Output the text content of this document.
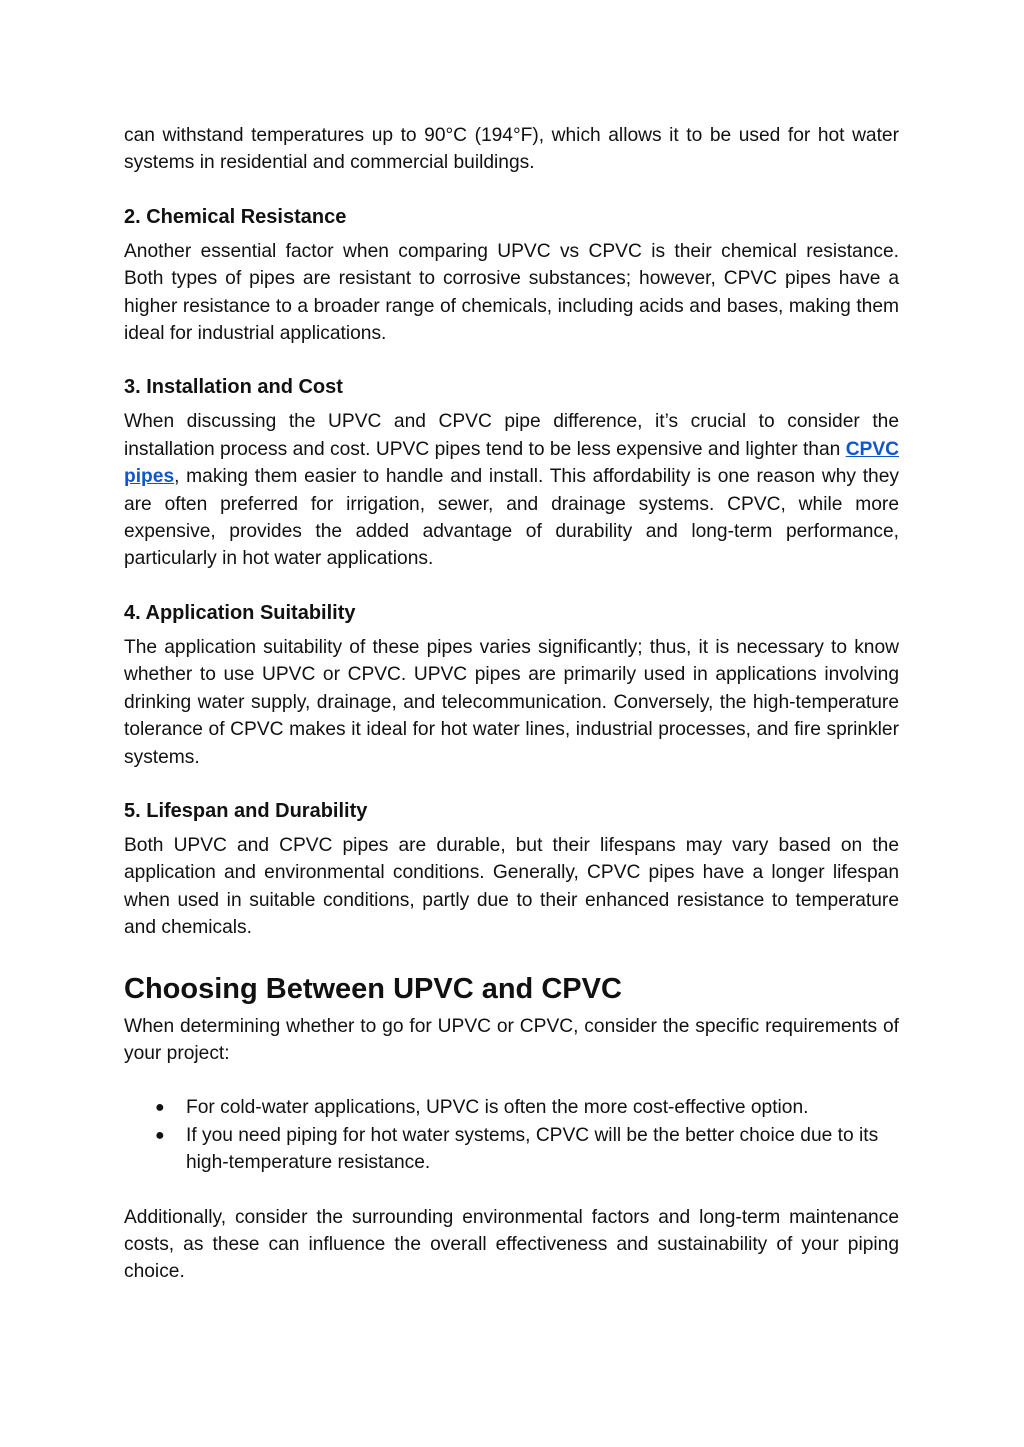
can withstand temperatures up to 90°C (194°F), which allows it to be used for hot water systems in residential and commercial buildings.

2. Chemical Resistance

Another essential factor when comparing UPVC vs CPVC is their chemical resistance. Both types of pipes are resistant to corrosive substances; however, CPVC pipes have a higher resistance to a broader range of chemicals, including acids and bases, making them ideal for industrial applications.

3. Installation and Cost

When discussing the UPVC and CPVC pipe difference, it’s crucial to consider the installation process and cost. UPVC pipes tend to be less expensive and lighter than CPVC pipes, making them easier to handle and install. This affordability is one reason why they are often preferred for irrigation, sewer, and drainage systems. CPVC, while more expensive, provides the added advantage of durability and long-term performance, particularly in hot water applications.

4. Application Suitability

The application suitability of these pipes varies significantly; thus, it is necessary to know whether to use UPVC or CPVC. UPVC pipes are primarily used in applications involving drinking water supply, drainage, and telecommunication. Conversely, the high-temperature tolerance of CPVC makes it ideal for hot water lines, industrial processes, and fire sprinkler systems.

5. Lifespan and Durability

Both UPVC and CPVC pipes are durable, but their lifespans may vary based on the application and environmental conditions. Generally, CPVC pipes have a longer lifespan when used in suitable conditions, partly due to their enhanced resistance to temperature and chemicals.

Choosing Between UPVC and CPVC

When determining whether to go for UPVC or CPVC, consider the specific requirements of your project:

● For cold-water applications, UPVC is often the more cost-effective option.
● If you need piping for hot water systems, CPVC will be the better choice due to its high-temperature resistance.

Additionally, consider the surrounding environmental factors and long-term maintenance costs, as these can influence the overall effectiveness and sustainability of your piping choice.
